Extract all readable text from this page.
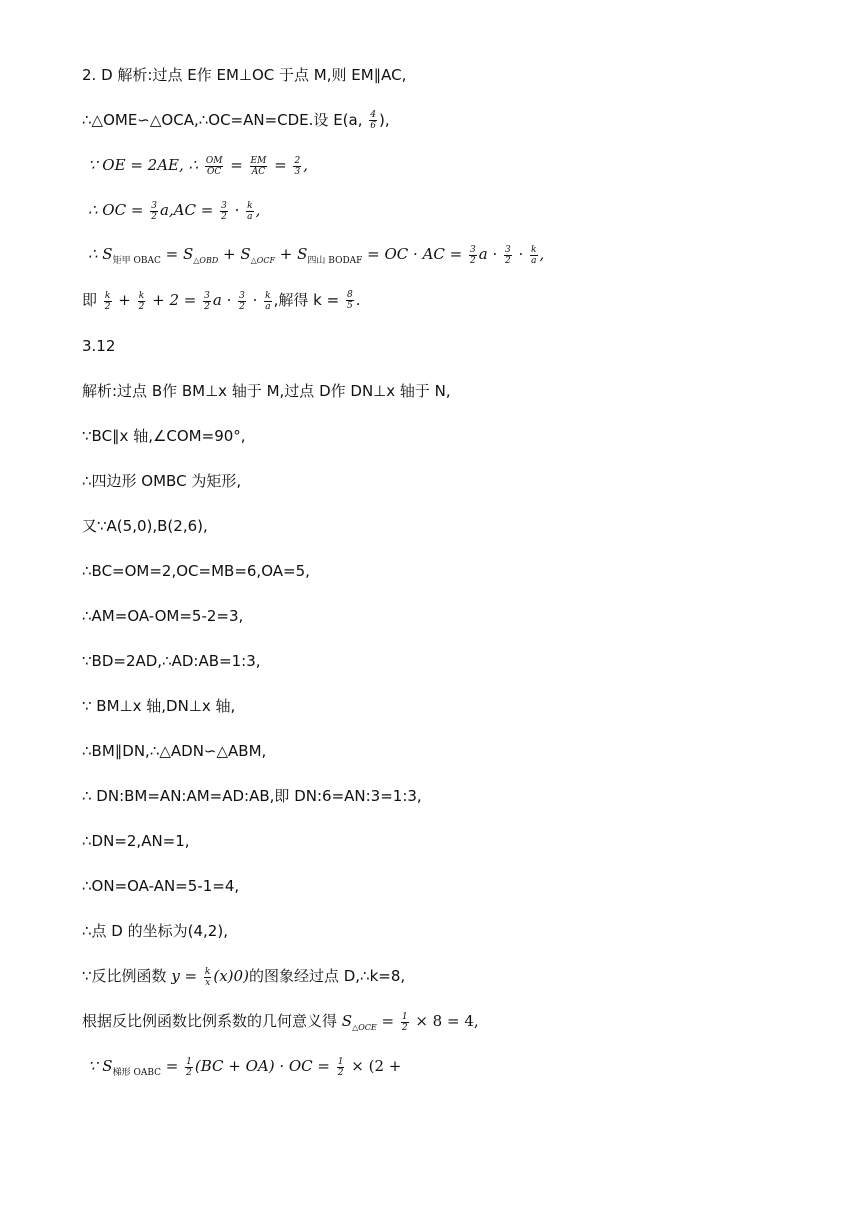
2. D 解析:过点 E作 EM⊥OC 于点 M,则 EM∥AC,
∴△OME∽△OCA,∴OC=AN=CDE.设 E(a, $\frac{4}{6}$ ),
∵ OE = 2AE, ∴ $\frac{OM}{OC} = \frac{EM}{AC} = \frac{2}{3}$ ,
∴ OC = $\frac{3}{2} a,AC = \frac{3}{2} \cdot \frac{k}{a}$ ,
∴ $S_{矩甲 OBAC} = S_{\triangle OBD} + S_{\triangle OCF} + S_{四山 BODAF}$ = OC · AC = $\frac{3}{2}$ $a \cdot \frac{3}{2} \cdot \frac{k}{a}$ ,
即 $\frac{k}{2} + \frac{k}{2} + 2 = \frac{3}{2}$ $a \cdot \frac{3}{2} \cdot \frac{k}{a}$ ,解得 $k = \frac{8}{5}$ .
3.12
解析:过点 B作 BM⊥x 轴于 M,过点 D作 DN⊥x 轴于 N,
∵BC∥x 轴,∠COM=90°,
∴四边形 OMBC 为矩形,
又∵A(5,0),B(2,6),
∴BC=OM=2,OC=MB=6,OA=5,
∴AM=OA-OM=5-2=3,
∵BD=2AD,∴AD:AB=1:3,
∵ BM⊥x 轴,DN⊥x 轴,
∴BM∥DN,∴△ADN∽△ABM,
∴ DN:BM=AN:AM=AD:AB,即 DN:6=AN:3=1:3,
∴DN=2,AN=1,
∴ON=OA-AN=5-1=4,
∴点 D 的坐标为(4,2),
∵反比例函数 $y = \frac{k}{x} (x)0$)的图象经过点 D,∴k=8,
根据反比例函数比例系数的几何意义得 $S_{\triangle OCE} = \frac{1}{2} \times 8 = 4$,
∵ $S_{梯形 OABC} = \frac{1}{2} (BC + OA)$ · OC = $\frac{1}{2} \times (2$ +
